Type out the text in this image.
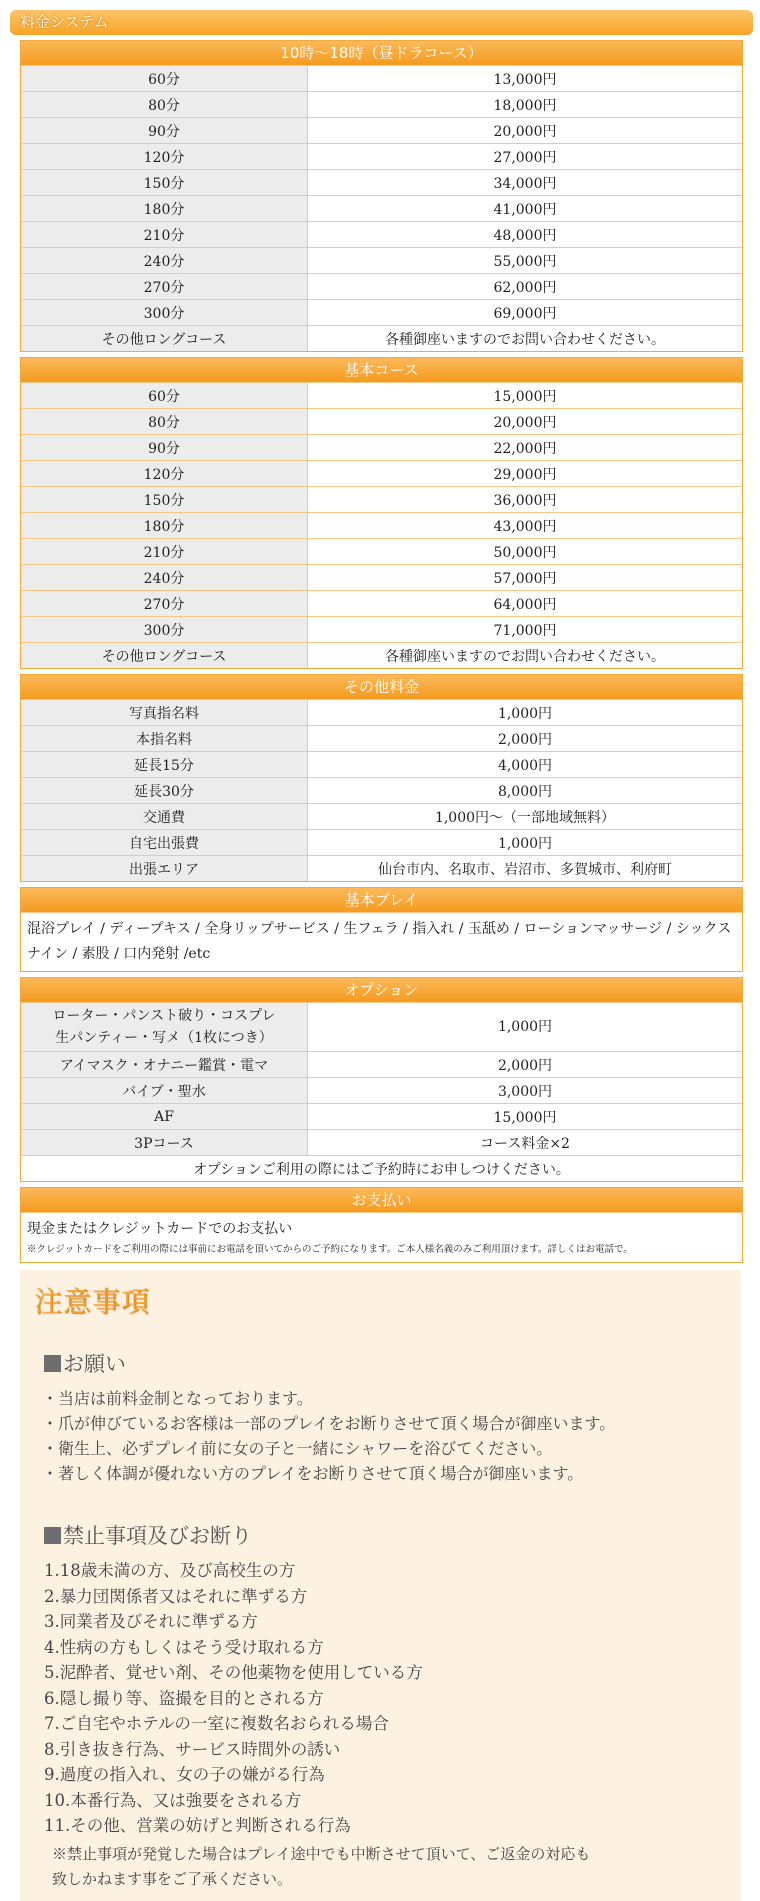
料金システム
10時～18時（昼ドラコース）
60分	13,000円
80分	18,000円
90分	20,000円
120分	27,000円
150分	34,000円
180分	41,000円
210分	48,000円
240分	55,000円
270分	62,000円
300分	69,000円
その他ロングコース	各種御座いますのでお問い合わせください。
基本コース
60分	15,000円
80分	20,000円
90分	22,000円
120分	29,000円
150分	36,000円
180分	43,000円
210分	50,000円
240分	57,000円
270分	64,000円
300分	71,000円
その他ロングコース	各種御座いますのでお問い合わせください。
その他料金
写真指名料	1,000円
本指名料	2,000円
延長15分	4,000円
延長30分	8,000円
交通費	1,000円～（一部地域無料）
自宅出張費	1,000円
出張エリア	仙台市内、名取市、岩沼市、多賀城市、利府町
基本プレイ
混浴プレイ / ディープキス / 全身リップサービス / 生フェラ / 指入れ / 玉舐め / ローションマッサージ / シックスナイン / 素股 / 口内発射 /etc
オプション
ローター・パンスト破り・コスプレ
生パンティー・写メ（1枚につき）	1,000円
アイマスク・オナニー鑑賞・電マ	2,000円
バイブ・聖水	3,000円
AF	15,000円
3Pコース	コース料金×2
オプションご利用の際にはご予約時にお申しつけください。	
お支払い
現金またはクレジットカードでのお支払い
※クレジットカードをご利用の際には事前にお電話を頂いてからのご予約になります。ご本人様名義のみご利用頂けます。詳しくはお電話で。
注意事項
お願い
・当店は前料金制となっております。
・爪が伸びているお客様は一部のプレイをお断りさせて頂く場合が御座います。
・衛生上、必ずプレイ前に女の子と一緒にシャワーを浴びてください。
・著しく体調が優れない方のプレイをお断りさせて頂く場合が御座います。
禁止事項及びお断り
1.18歳未満の方、及び高校生の方
2.暴力団関係者又はそれに準ずる方
3.同業者及びそれに準ずる方
4.性病の方もしくはそう受け取れる方
5.泥酔者、覚せい剤、その他薬物を使用している方
6.隠し撮り等、盗撮を目的とされる方
7.ご自宅やホテルの一室に複数名おられる場合
8.引き抜き行為、サービス時間外の誘い
9.過度の指入れ、女の子の嫌がる行為
10.本番行為、又は強要をされる方
11.その他、営業の妨げと判断される行為
※禁止事項が発覚した場合はプレイ途中でも中断させて頂いて、ご返金の対応も
致しかねます事をご了承ください。
